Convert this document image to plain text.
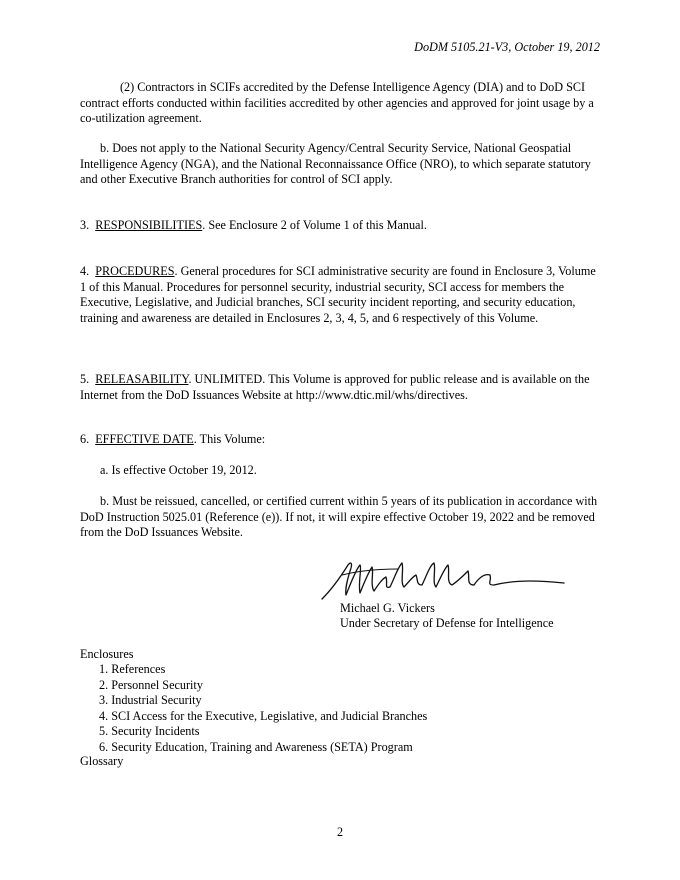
DoDM 5105.21-V3, October 19, 2012

(2) Contractors in SCIFs accredited by the Defense Intelligence Agency (DIA) and to DoD SCI contract efforts conducted within facilities accredited by other agencies and approved for joint usage by a co-utilization agreement.

b. Does not apply to the National Security Agency/Central Security Service, National Geospatial Intelligence Agency (NGA), and the National Reconnaissance Office (NRO), to which separate statutory and other Executive Branch authorities for control of SCI apply.

3. RESPONSIBILITIES. See Enclosure 2 of Volume 1 of this Manual.

4. PROCEDURES. General procedures for SCI administrative security are found in Enclosure 3, Volume 1 of this Manual. Procedures for personnel security, industrial security, SCI access for members the Executive, Legislative, and Judicial branches, SCI security incident reporting, and security education, training and awareness are detailed in Enclosures 2, 3, 4, 5, and 6 respectively of this Volume.

5. RELEASABILITY. UNLIMITED. This Volume is approved for public release and is available on the Internet from the DoD Issuances Website at http://www.dtic.mil/whs/directives.

6. EFFECTIVE DATE. This Volume:

a. Is effective October 19, 2012.

b. Must be reissued, cancelled, or certified current within 5 years of its publication in accordance with DoD Instruction 5025.01 (Reference (e)). If not, it will expire effective October 19, 2022 and be removed from the DoD Issuances Website.

Michael G. Vickers
Under Secretary of Defense for Intelligence
Enclosures
1. References
2. Personnel Security
3. Industrial Security
4. SCI Access for the Executive, Legislative, and Judicial Branches
5. Security Incidents
6. Security Education, Training and Awareness (SETA) Program
Glossary
2
